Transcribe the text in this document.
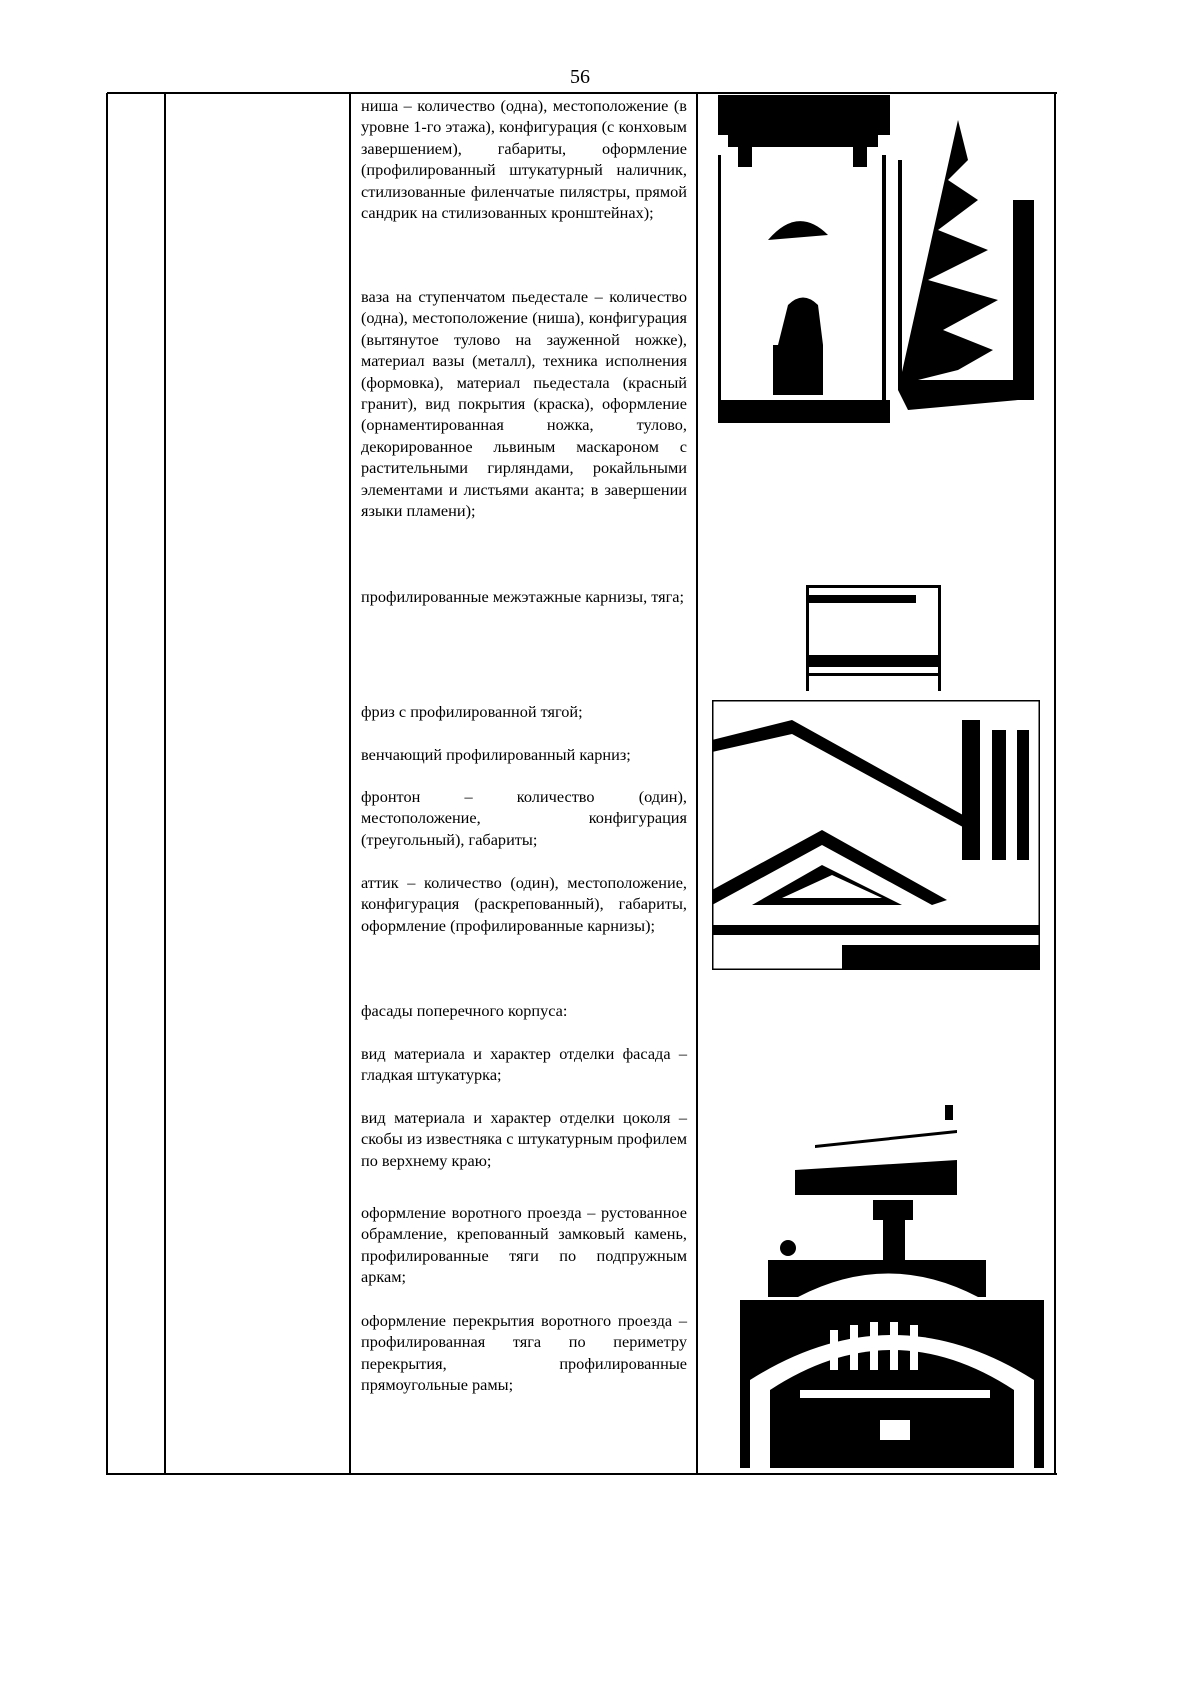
56
ниша – количество (одна), местоположение (в уровне 1-го этажа), конфигурация (с конховым завершением), габариты, оформление (профилированный штукатурный наличник, стилизованные филенчатые пилястры, прямой сандрик на стилизованных кронштейнах);
ваза на ступенчатом пьедестале – количество (одна), местоположение (ниша), конфигурация (вытянутое тулово на зауженной ножке), материал вазы (металл), техника исполнения (формовка), материал пьедестала (красный гранит), вид покрытия (краска), оформление (орнаментированная ножка, тулово, декорированное львиным маскароном с растительными гирляндами, рокайльными элементами и листьями аканта; в завершении языки пламени);
профилированные межэтажные карнизы, тяга;
фриз с профилированной тягой;
венчающий профилированный карниз;
фронтон – количество (один), местоположение, конфигурация (треугольный), габариты;
аттик – количество (один), местоположение, конфигурация (раскрепованный), габариты, оформление (профилированные карнизы);
фасады поперечного корпуса:
вид материала и характер отделки фасада – гладкая штукатурка;
вид материала и характер отделки цоколя – скобы из известняка с штукатурным профилем по верхнему краю;
оформление воротного проезда – рустованное обрамление, крепованный замковый камень, профилированные тяги по подпружным аркам;
оформление перекрытия воротного проезда – профилированная тяга по периметру перекрытия, профилированные прямоугольные рамы;
